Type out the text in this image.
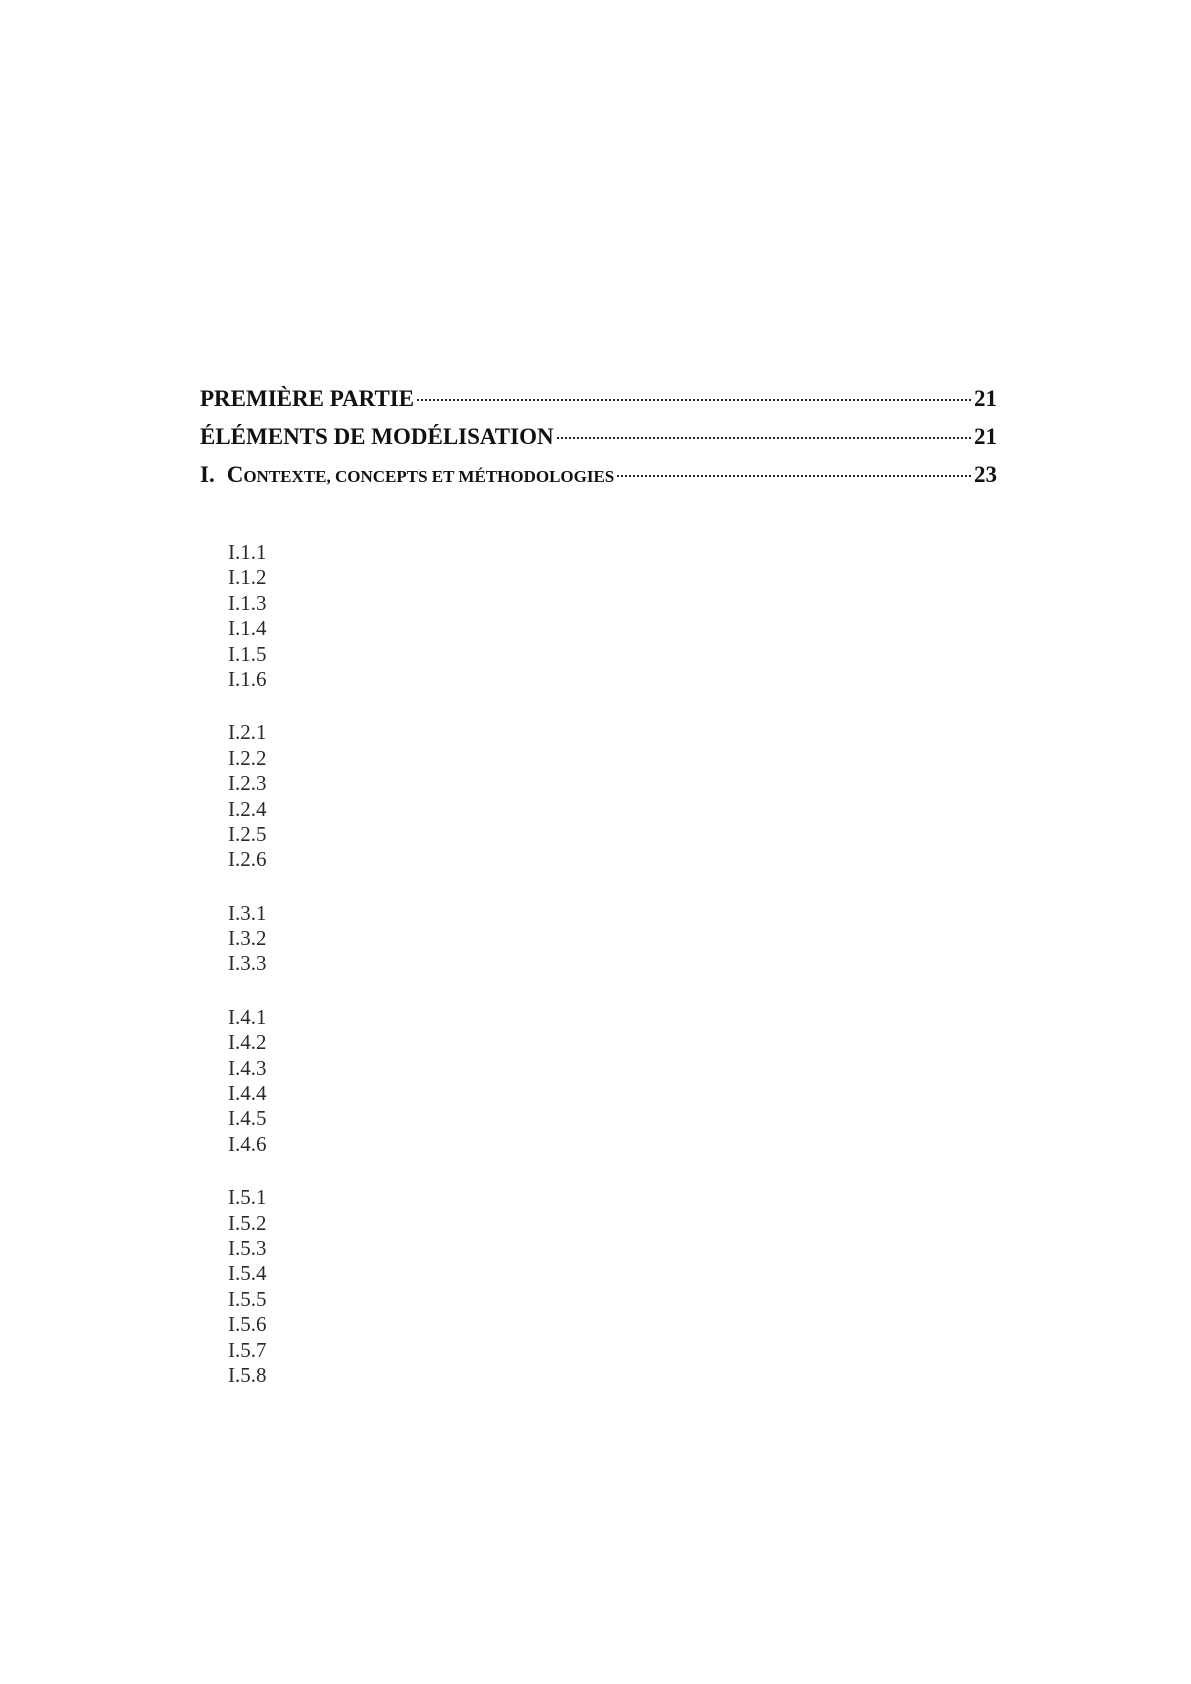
PREMIÈRE PARTIE	21
ÉLÉMENTS DE MODÉLISATION	21
I. CONTEXTE, CONCEPTS ET MÉTHODOLOGIES	23
I.1.1
I.1.2
I.1.3
I.1.4
I.1.5
I.1.6
I.2.1
I.2.2
I.2.3
I.2.4
I.2.5
I.2.6
I.3.1
I.3.2
I.3.3
I.4.1
I.4.2
I.4.3
I.4.4
I.4.5
I.4.6
I.5.1
I.5.2
I.5.3
I.5.4
I.5.5
I.5.6
I.5.7
I.5.8
